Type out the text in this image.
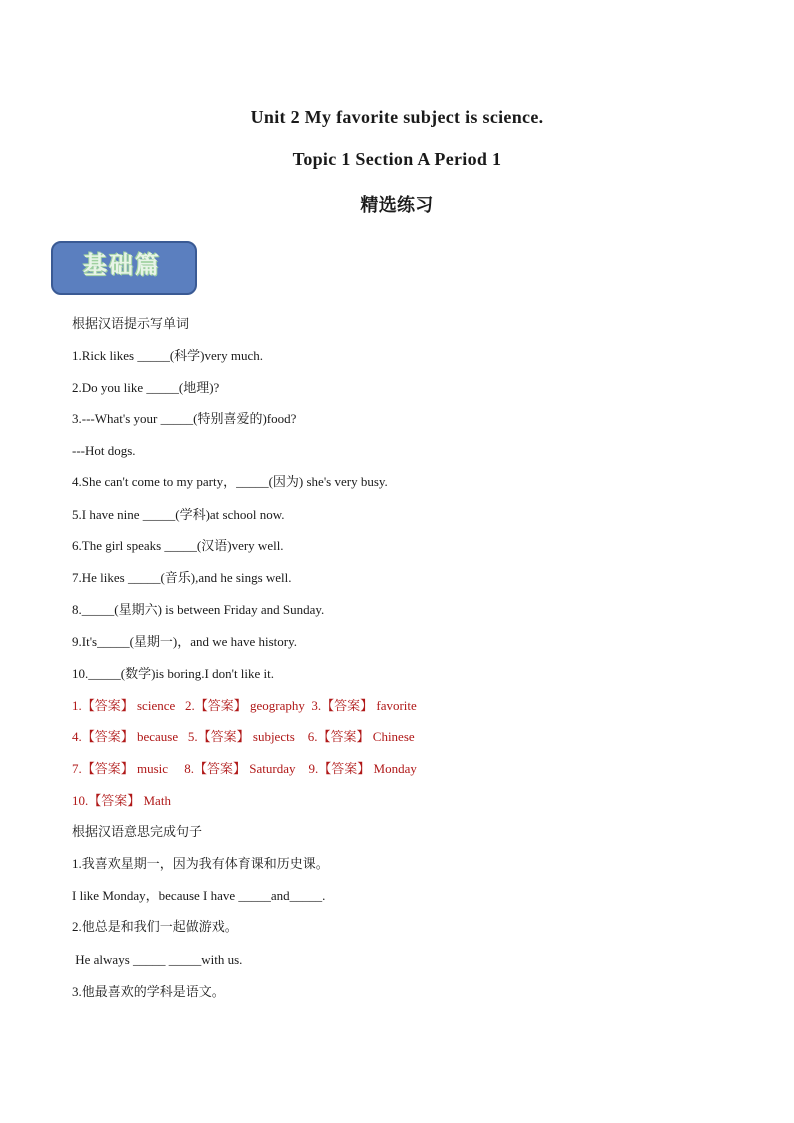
Unit 2 My favorite subject is science.
Topic 1 Section A Period 1
精选练习
基础篇
根据汉语提示写单词
1.Rick likes _____(科学)very much.
2.Do you like _____(地理)?
3.---What's your _____(特别喜爱的)food?
---Hot dogs.
4.She can't come to my party，_____(因为) she's very busy.
5.I have nine _____(学科)at school now.
6.The girl speaks _____(汉语)very well.
7.He likes _____(音乐),and he sings well.
8._____(星期六) is between Friday and Sunday.
9.It's_____(星期一)，and we have history.
10._____(数学)is boring.I don't like it.
1.【答案】 science   2.【答案】 geography  3.【答案】 favorite
4.【答案】 because   5.【答案】 subjects    6.【答案】 Chinese
7.【答案】 music     8.【答案】 Saturday    9.【答案】 Monday
10.【答案】 Math
根据汉语意思完成句子
1.我喜欢星期一，因为我有体育课和历史课。
I like Monday，because I have _____and_____.
2.他总是和我们一起做游戏。
He always _____ _____with us.
3.他最喜欢的学科是语文。
